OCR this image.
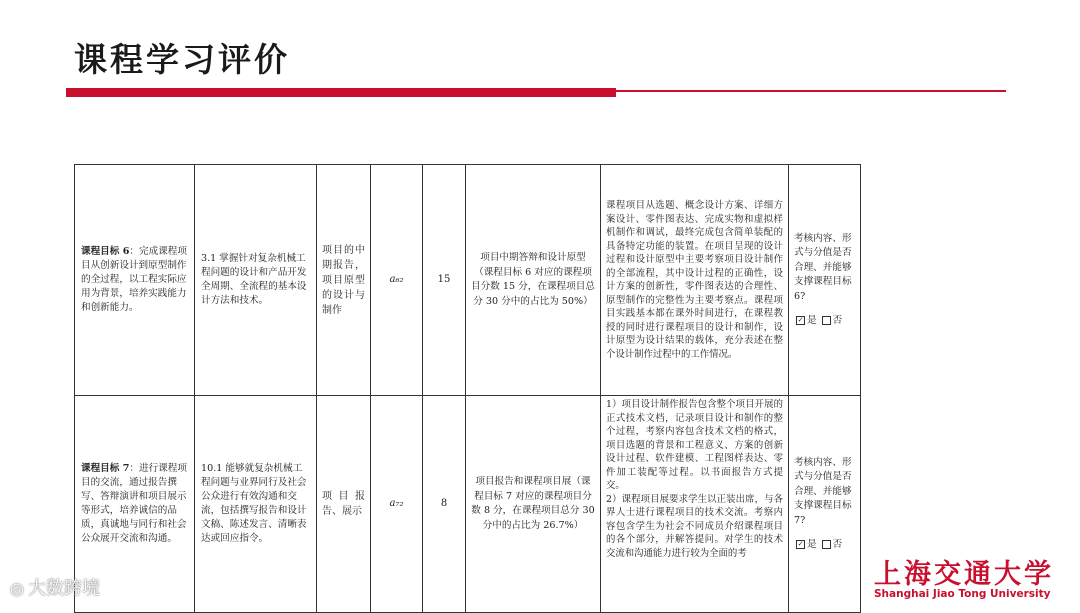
课程学习评价
课程目标 6：完成课程项目从创新设计到原型制作的全过程，以工程实际应用为背景，培养实践能力和创新能力。	3.1 掌握针对复杂机械工程问题的设计和产品开发全周期、全流程的基本设计方法和技术。	项目的中期报告，项目原型的设计与制作	a₆₂	15	项目中期答辩和设计原型（课程目标 6 对应的课程项目分数 15 分，在课程项目总分 30 分中的占比为 50%）	课程项目从选题、概念设计方案、详细方案设计、零件图表达、完成实物和虚拟样机制作和调试，最终完成包含简单装配的具备特定功能的装置。在项目呈现的设计过程和设计原型中主要考察项目设计制作的全部流程，其中设计过程的正确性，设计方案的创新性，零件图表达的合理性、原型制作的完整性为主要考察点。课程项目实践基本都在课外时间进行，在课程教授的同时进行课程项目的设计和制作，设计原型为设计结果的载体，充分表述在整个设计制作过程中的工作情况。	考核内容、形式与分值是否合理、并能够支撑课程目标 6?
✓ 是 否
课程目标 7：进行课程项目的交流，通过报告撰写、答辩演讲和项目展示等形式，培养诚信的品质，真诚地与同行和社会公众展开交流和沟通。	10.1 能够就复杂机械工程问题与业界同行及社会公众进行有效沟通和交流，包括撰写报告和设计文稿、陈述发言、清晰表达或回应指令。	项目报告、展示	a₇₂	8	项目报告和课程项目展（课程目标 7 对应的课程项目分数 8 分，在课程项目总分 30 分中的占比为 26.7%）	1）项目设计制作报告包含整个项目开展的正式技术文档，记录项目设计和制作的整个过程，考察内容包含技术文档的格式，项目选题的背景和工程意义、方案的创新设计过程、软件建模、工程图样表达、零件加工装配等过程。以书面报告方式提交。
2）课程项目展要求学生以正装出席，与各界人士进行课程项目的技术交流。考察内容包含学生为社会不同成员介绍课程项目的各个部分，并解答提问。对学生的技术交流和沟通能力进行较为全面的考	考核内容、形式与分值是否合理、并能够支撑课程目标 7?
✓ 是 否
◎ 大数跨境	上海交通大学
Shanghai Jiao Tong University
